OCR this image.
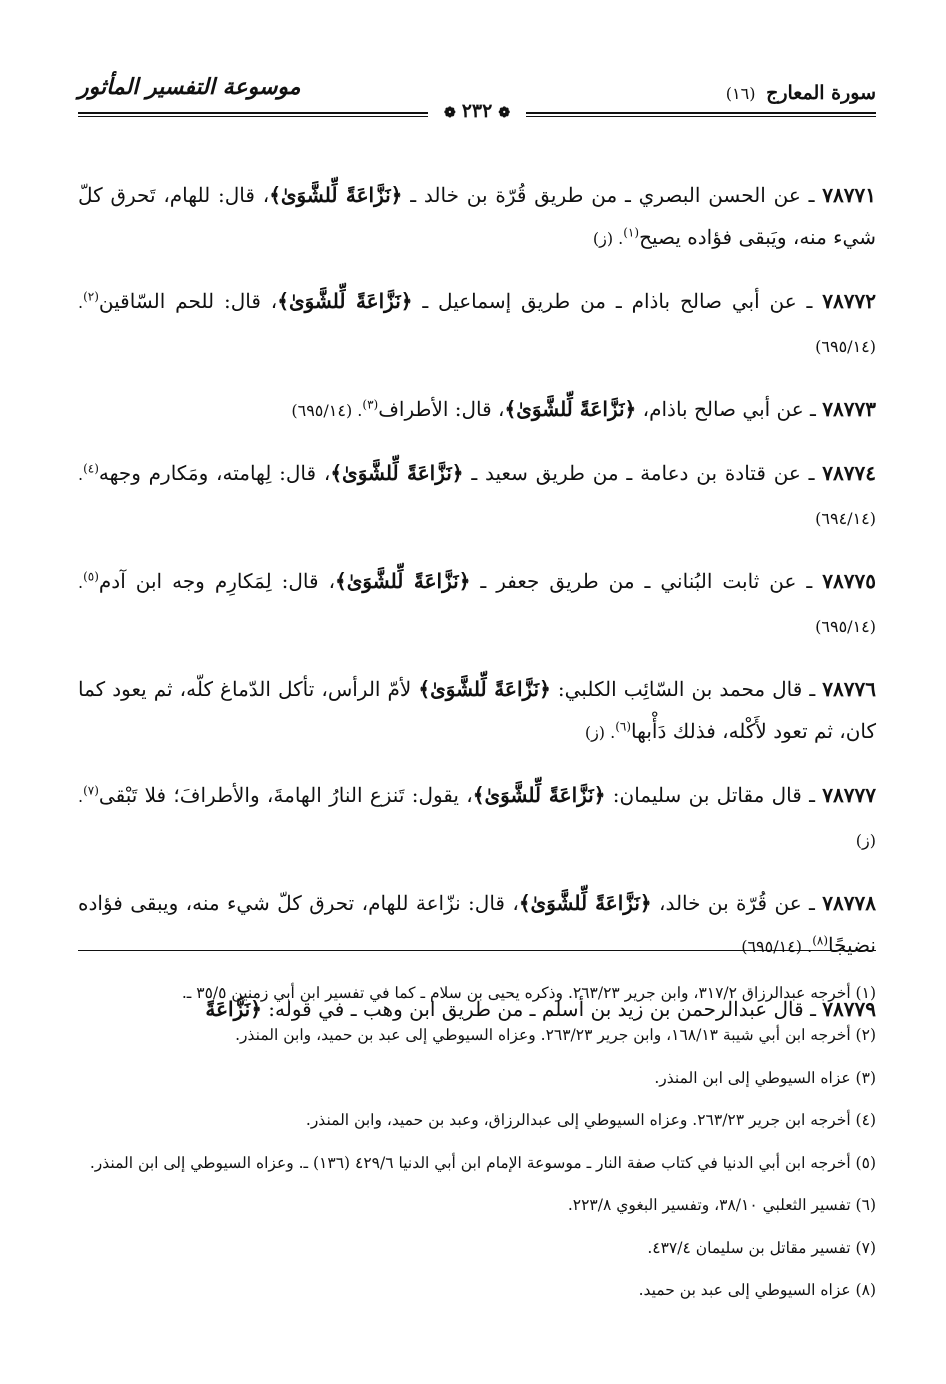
سورة المعارج (١٦)
موسوعة التفسير المأثور
❁٢٣٢❁

٧٨٧٧١ ـ عن الحسن البصري ـ من طريق قُرّة بن خالد ـ ﴿نَزَّاعَةً لِّلشَّوَىٰ﴾، قال: للهام، تَحرق كلّ شيء منه، ويَبقى فؤاده يصيح$^{(١)}$. (ز)

٧٨٧٧٢ ـ عن أبي صالح باذام ـ من طريق إسماعيل ـ ﴿نَزَّاعَةً لِّلشَّوَىٰ﴾، قال: للحم السّاقين$^{(٢)}$. (٦٩٥/١٤)

٧٨٧٧٣ ـ عن أبي صالح باذام، ﴿نَزَّاعَةً لِّلشَّوَىٰ﴾، قال: الأطراف$^{(٣)}$. (٦٩٥/١٤)

٧٨٧٧٤ ـ عن قتادة بن دعامة ـ من طريق سعيد ـ ﴿نَزَّاعَةً لِّلشَّوَىٰ﴾، قال: لِهامته، ومَكارم وجهه$^{(٤)}$. (٦٩٤/١٤)

٧٨٧٧٥ ـ عن ثابت البُناني ـ من طريق جعفر ـ ﴿نَزَّاعَةً لِّلشَّوَىٰ﴾، قال: لِمَكارِم وجه ابن آدم$^{(٥)}$. (٦٩٥/١٤)

٧٨٧٧٦ ـ قال محمد بن السّائِب الكلبي: ﴿نَزَّاعَةً لِّلشَّوَىٰ﴾ لأمّ الرأس، تأكل الدّماغ كلّه، ثم يعود كما كان، ثم تعود لأَكْله، فذلك دَأْبها$^{(٦)}$. (ز)

٧٨٧٧٧ ـ قال مقاتل بن سليمان: ﴿نَزَّاعَةً لِّلشَّوَىٰ﴾، يقول: تَنزع النارُ الهامةَ، والأطرافَ؛ فلا تَبْقى$^{(٧)}$. (ز)

٧٨٧٧٨ ـ عن قُرّة بن خالد، ﴿نَزَّاعَةً لِّلشَّوَىٰ﴾، قال: نزّاعة للهام، تحرق كلّ شيء منه، ويبقى فؤاده نضيجًا$^{(٨)}$. (٦٩٥/١٤)

٧٨٧٧٩ ـ قال عبدالرحمن بن زيد بن أسلم ـ من طريق ابن وهب ـ في قوله: ﴿نَزَّاعَةً

(١) أخرجه عبدالرزاق ٣١٧/٢، وابن جرير ٢٦٣/٢٣. وذكره يحيى بن سلام ـ كما في تفسير ابن أبي زمنين ٣٥/٥ ـ.

(٢) أخرجه ابن أبي شيبة ١٦٨/١٣، وابن جرير ٢٦٣/٢٣. وعزاه السيوطي إلى عبد بن حميد، وابن المنذر.

(٣) عزاه السيوطي إلى ابن المنذر.

(٤) أخرجه ابن جرير ٢٦٣/٢٣. وعزاه السيوطي إلى عبدالرزاق، وعبد بن حميد، وابن المنذر.

(٥) أخرجه ابن أبي الدنيا في كتاب صفة النار ـ موسوعة الإمام ابن أبي الدنيا ٤٢٩/٦ (١٣٦) ـ. وعزاه السيوطي إلى ابن المنذر.

(٦) تفسير الثعلبي ٣٨/١٠، وتفسير البغوي ٢٢٣/٨.

(٧) تفسير مقاتل بن سليمان ٤٣٧/٤.

(٨) عزاه السيوطي إلى عبد بن حميد.
